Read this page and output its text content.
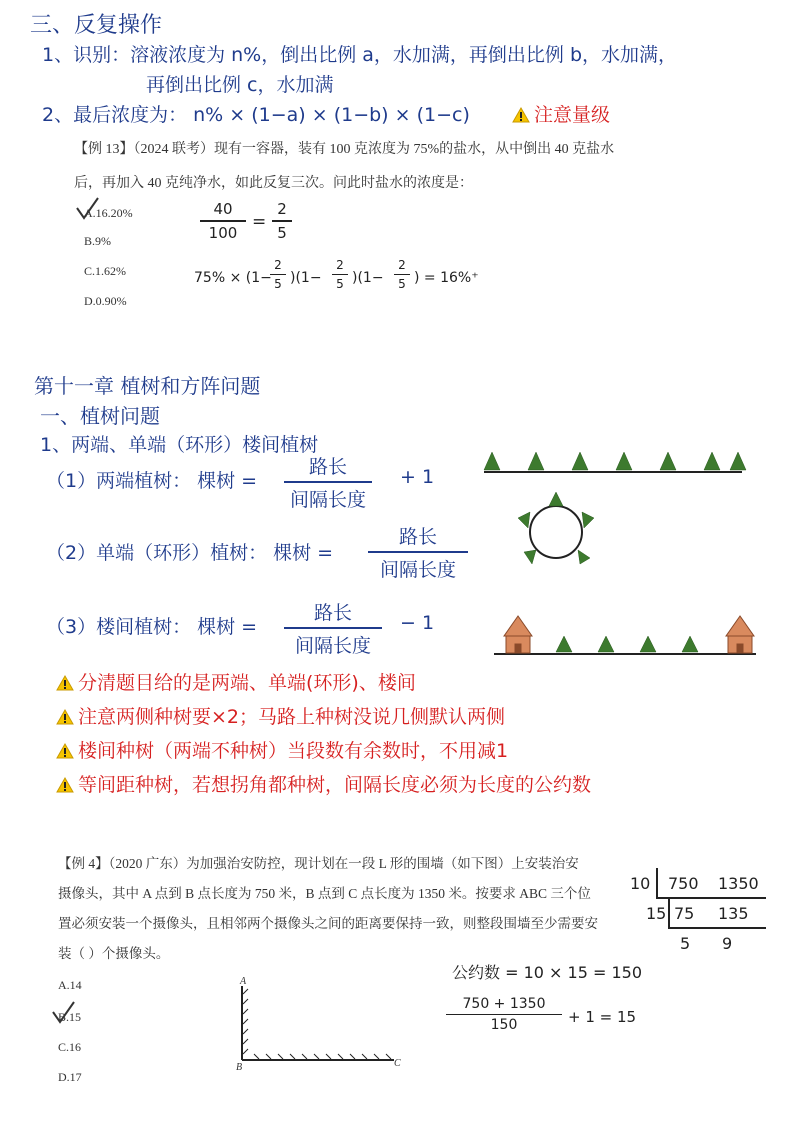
三、反复操作
1、识别：溶液浓度为 n%，倒出比例 a，水加满，再倒出比例 b，水加满，
再倒出比例 c，水加满
2、最后浓度为： n% × (1−a) × (1−b) × (1−c)	注意量级
【例 13】（2024 联考）现有一容器，装有 100 克浓度为 75%的盐水，从中倒出 40 克盐水
后，再加入 40 克纯净水，如此反复三次。问此时盐水的浓度是：
A.16.20%
B.9%
C.1.62%
D.0.90%
40
100
=
2
5
75% × (1−
2
5 )(1−
2
5 )(1−
2
5 ) = 16%⁺
第十一章 植树和方阵问题
一、植树问题
1、两端、单端（环形）楼间植树
（1）两端植树： 棵树 =
路长
间隔长度
+ 1
（2）单端（环形）植树： 棵树 =
路长
间隔长度
（3）楼间植树： 棵树 =
路长
间隔长度
− 1
分清题目给的是两端、单端(环形)、楼间
注意两侧种树要×2；马路上种树没说几侧默认两侧
楼间种树（两端不种树）当段数有余数时，不用减1
等间距种树，若想拐角都种树，间隔长度必须为长度的公约数
【例 4】（2020 广东）为加强治安防控，现计划在一段 L 形的围墙（如下图）上安装治安
摄像头，其中 A 点到 B 点长度为 750 米，B 点到 C 点长度为 1350 米。按要求 ABC 三个位
置必须安装一个摄像头，且相邻两个摄像头之间的距离要保持一致，则整段围墙至少需要安
装（ ）个摄像头。
A.14
B.15
C.16
D.17
A
B	C
10 750 1350
15 75 135
5 9
公约数 = 10 × 15 = 150
750 + 1350
150	+ 1 = 15
